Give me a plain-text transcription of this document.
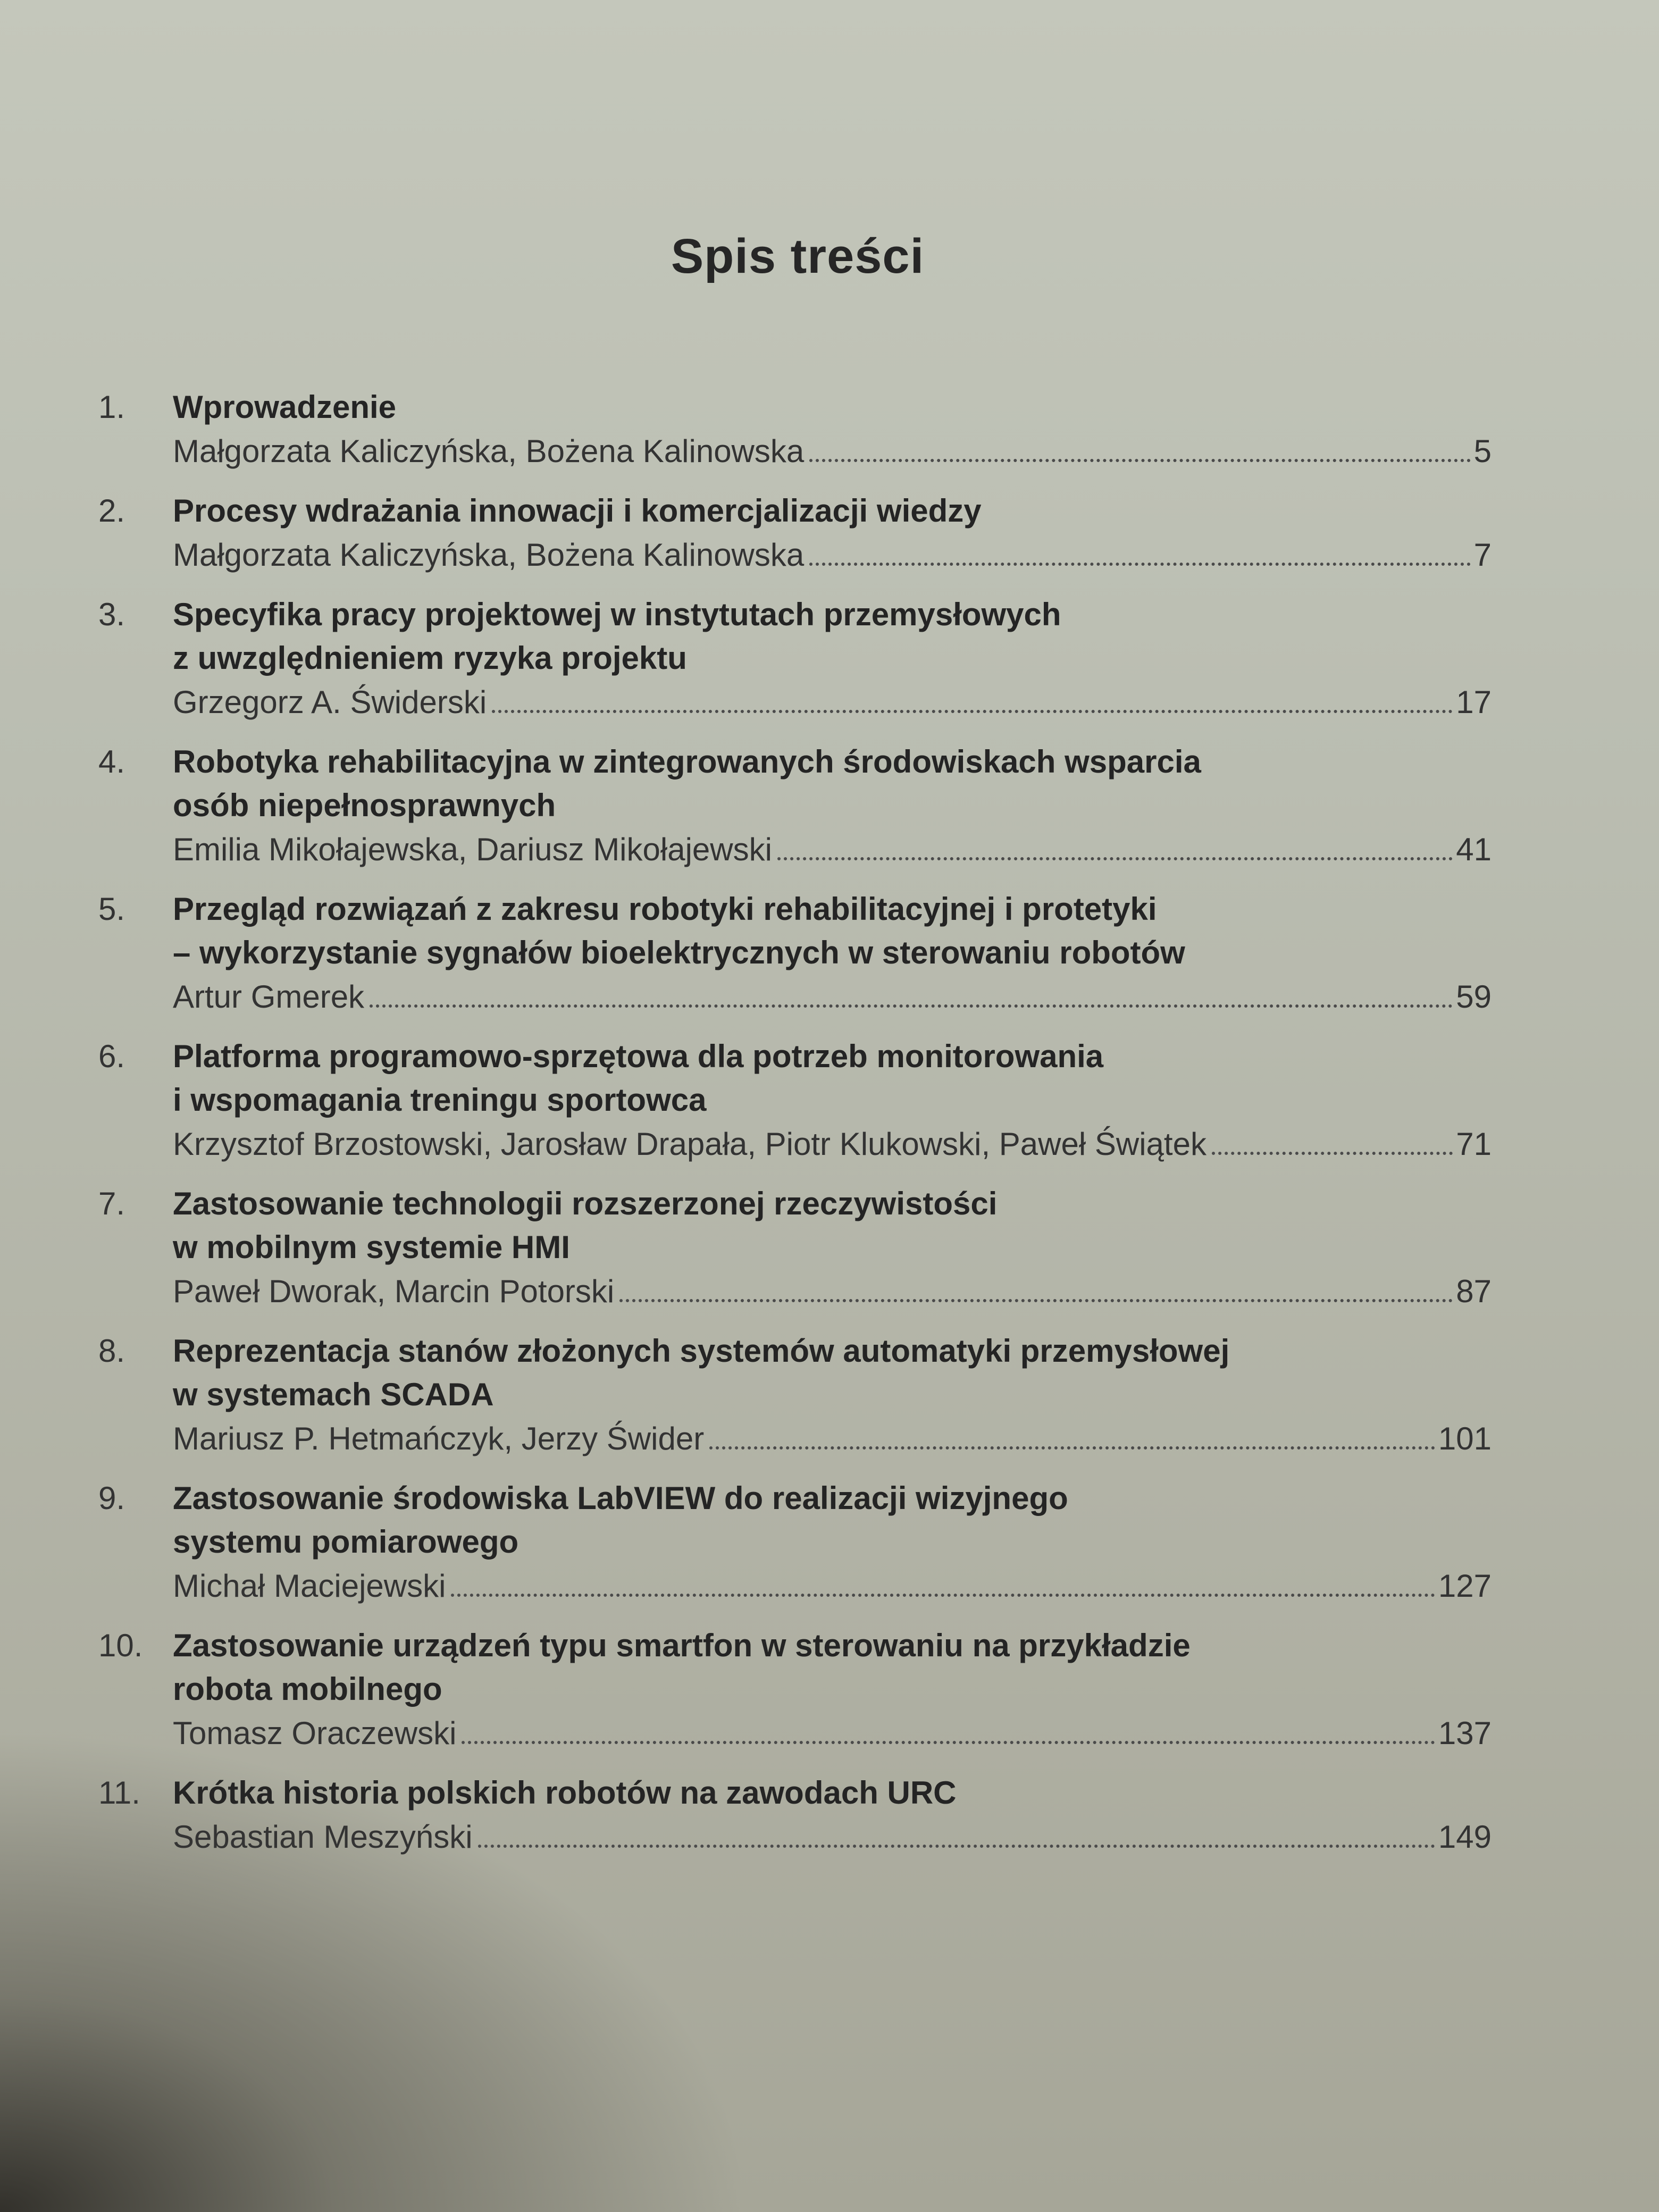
Spis treści
1. Wprowadzenie
Małgorzata Kaliczyńska, Bożena Kalinowska	5
2. Procesy wdrażania innowacji i komercjalizacji wiedzy
Małgorzata Kaliczyńska, Bożena Kalinowska	7
3. Specyfika pracy projektowej w instytutach przemysłowych
z uwzględnieniem ryzyka projektu
Grzegorz A. Świderski	17
4. Robotyka rehabilitacyjna w zintegrowanych środowiskach wsparcia
osób niepełnosprawnych
Emilia Mikołajewska, Dariusz Mikołajewski	41
5. Przegląd rozwiązań z zakresu robotyki rehabilitacyjnej i protetyki
– wykorzystanie sygnałów bioelektrycznych w sterowaniu robotów
Artur Gmerek	59
6. Platforma programowo-sprzętowa dla potrzeb monitorowania
i wspomagania treningu sportowca
Krzysztof Brzostowski, Jarosław Drapała, Piotr Klukowski, Paweł Świątek	71
7. Zastosowanie technologii rozszerzonej rzeczywistości
w mobilnym systemie HMI
Paweł Dworak, Marcin Potorski	87
8. Reprezentacja stanów złożonych systemów automatyki przemysłowej
w systemach SCADA
Mariusz P. Hetmańczyk, Jerzy Świder	101
9. Zastosowanie środowiska LabVIEW do realizacji wizyjnego
systemu pomiarowego
Michał Maciejewski	127
10. Zastosowanie urządzeń typu smartfon w sterowaniu na przykładzie
robota mobilnego
Tomasz Oraczewski	137
11. Krótka historia polskich robotów na zawodach URC
Sebastian Meszyński	149
